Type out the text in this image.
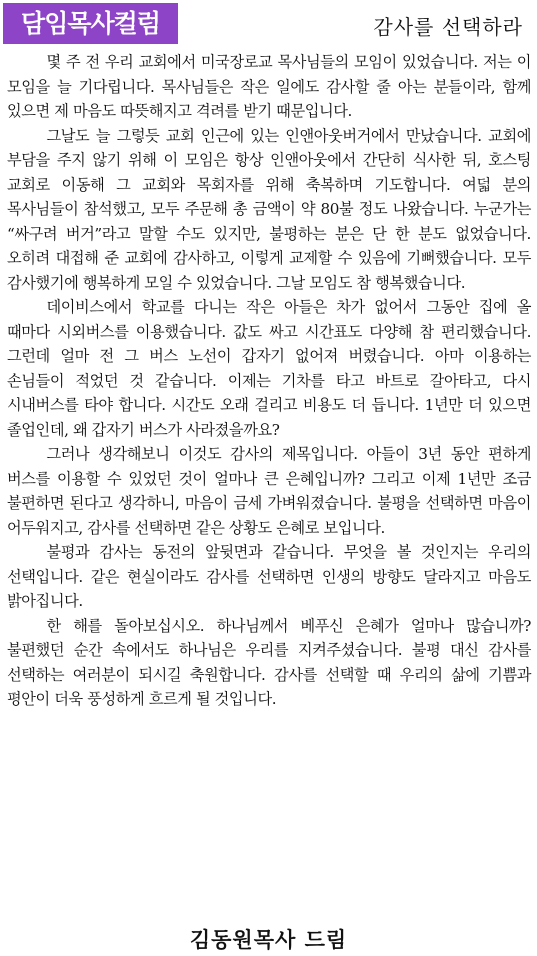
담임목사컬럼	감사를 선택하라

몇 주 전 우리 교회에서 미국장로교 목사님들의 모임이 있었습니다. 저는 이 모임을 늘 기다립니다. 목사님들은 작은 일에도 감사할 줄 아는 분들이라, 함께 있으면 제 마음도 따뜻해지고 격려를 받기 때문입니다.

그날도 늘 그렇듯 교회 인근에 있는 인앤아웃버거에서 만났습니다. 교회에 부담을 주지 않기 위해 이 모임은 항상 인앤아웃에서 간단히 식사한 뒤, 호스팅 교회로 이동해 그 교회와 목회자를 위해 축복하며 기도합니다. 여덟 분의 목사님들이 참석했고, 모두 주문해 총 금액이 약 80불 정도 나왔습니다. 누군가는 “싸구려 버거”라고 말할 수도 있지만, 불평하는 분은 단 한 분도 없었습니다. 오히려 대접해 준 교회에 감사하고, 이렇게 교제할 수 있음에 기뻐했습니다. 모두 감사했기에 행복하게 모일 수 있었습니다. 그날 모임도 참 행복했습니다.

데이비스에서 학교를 다니는 작은 아들은 차가 없어서 그동안 집에 올 때마다 시외버스를 이용했습니다. 값도 싸고 시간표도 다양해 참 편리했습니다. 그런데 얼마 전 그 버스 노선이 갑자기 없어져 버렸습니다. 아마 이용하는 손님들이 적었던 것 같습니다. 이제는 기차를 타고 바트로 갈아타고, 다시 시내버스를 타야 합니다. 시간도 오래 걸리고 비용도 더 듭니다. 1년만 더 있으면 졸업인데, 왜 갑자기 버스가 사라졌을까요?

그러나 생각해보니 이것도 감사의 제목입니다. 아들이 3년 동안 편하게 버스를 이용할 수 있었던 것이 얼마나 큰 은혜입니까? 그리고 이제 1년만 조금 불편하면 된다고 생각하니, 마음이 금세 가벼워졌습니다. 불평을 선택하면 마음이 어두워지고, 감사를 선택하면 같은 상황도 은혜로 보입니다.

불평과 감사는 동전의 앞뒷면과 같습니다. 무엇을 볼 것인지는 우리의 선택입니다. 같은 현실이라도 감사를 선택하면 인생의 방향도 달라지고 마음도 밝아집니다.

한 해를 돌아보십시오. 하나님께서 베푸신 은혜가 얼마나 많습니까? 불편했던 순간 속에서도 하나님은 우리를 지켜주셨습니다. 불평 대신 감사를 선택하는 여러분이 되시길 축원합니다. 감사를 선택할 때 우리의 삶에 기쁨과 평안이 더욱 풍성하게 흐르게 될 것입니다.

김동원목사 드림
